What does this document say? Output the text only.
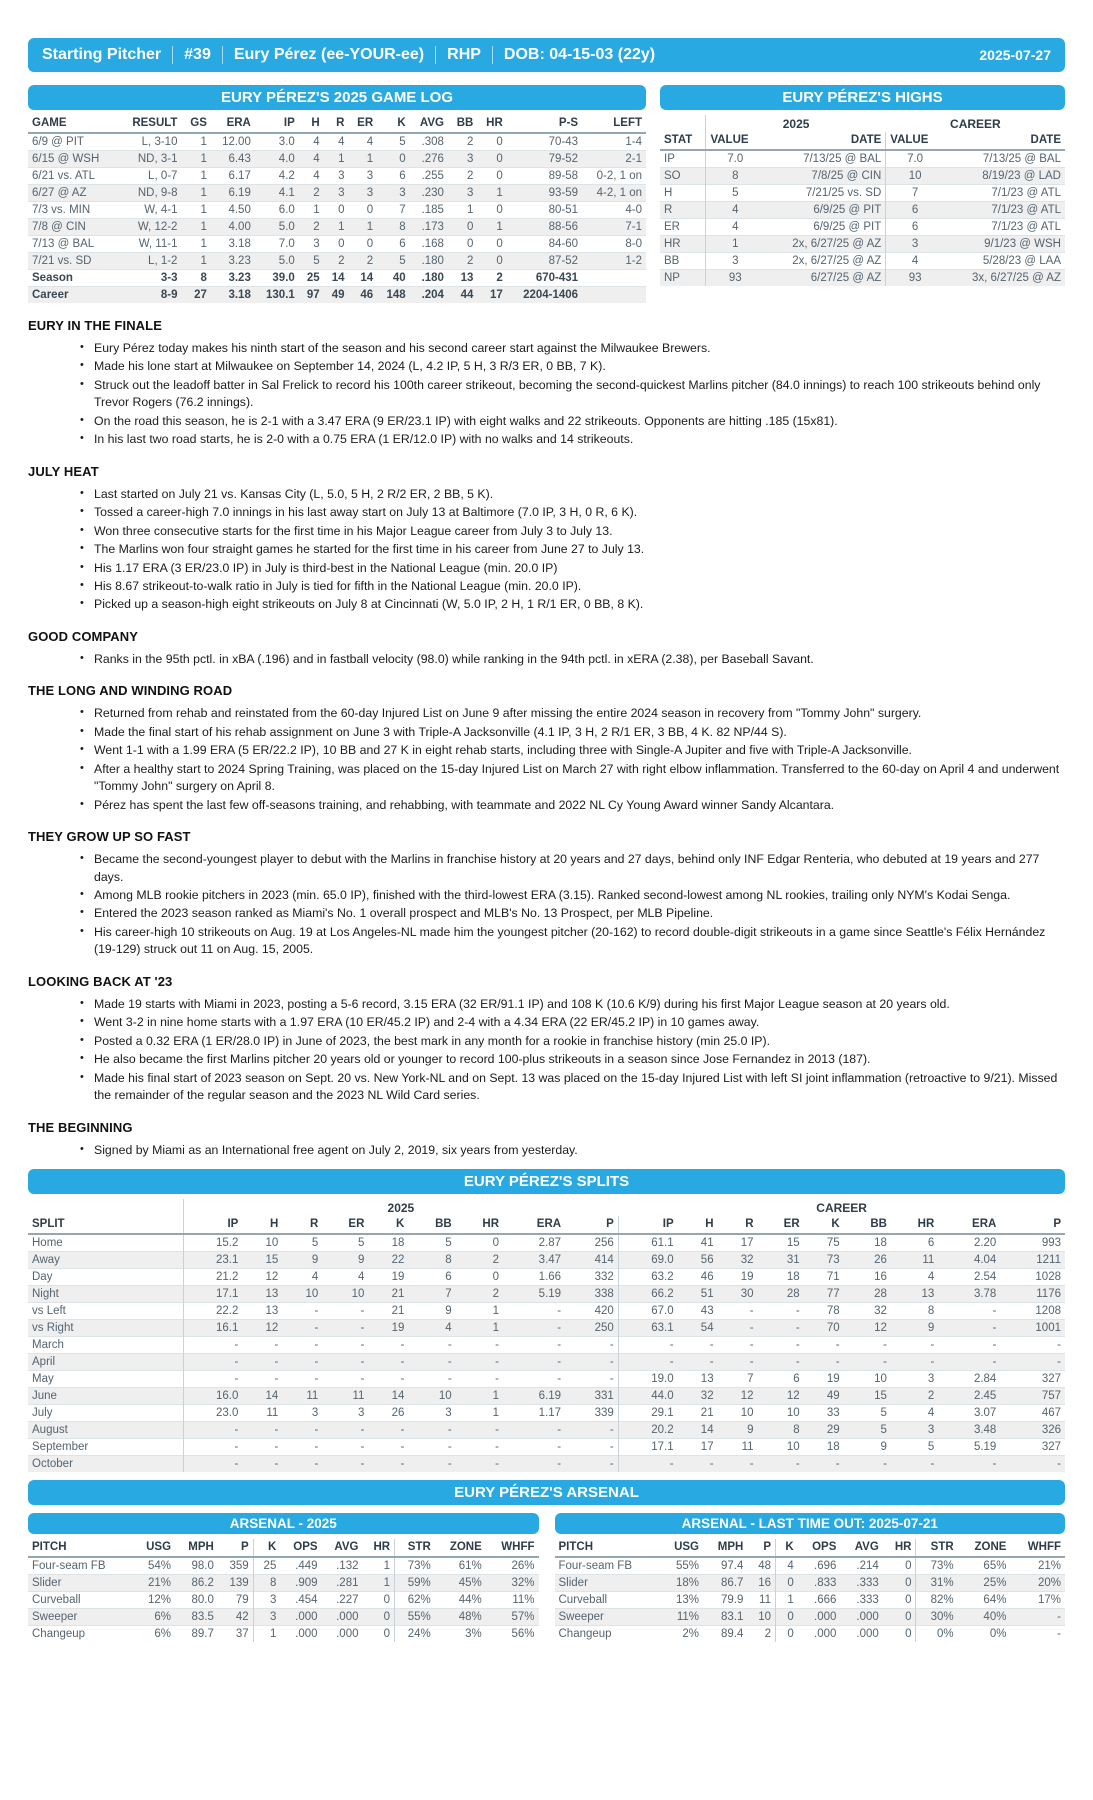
Starting Pitcher #39 Eury Pérez (ee-YOUR-ee) RHP DOB: 04-15-03 (22y)	2025-07-27
EURY PÉREZ'S 2025 GAME LOG
GAME	RESULT	GS	ERA	IP	H	R	ER	K	AVG	BB	HR	P-S	LEFT
6/9 @ PIT	L, 3-10	1	12.00	3.0	4	4	4	5	.308	2	0	70-43	1-4
6/15 @ WSH	ND, 3-1	1	6.43	4.0	4	1	1	0	.276	3	0	79-52	2-1
6/21 vs. ATL	L, 0-7	1	6.17	4.2	4	3	3	6	.255	2	0	89-58	0-2, 1 on
6/27 @ AZ	ND, 9-8	1	6.19	4.1	2	3	3	3	.230	3	1	93-59	4-2, 1 on
7/3 vs. MIN	W, 4-1	1	4.50	6.0	1	0	0	7	.185	1	0	80-51	4-0
7/8 @ CIN	W, 12-2	1	4.00	5.0	2	1	1	8	.173	0	1	88-56	7-1
7/13 @ BAL	W, 11-1	1	3.18	7.0	3	0	0	6	.168	0	0	84-60	8-0
7/21 vs. SD	L, 1-2	1	3.23	5.0	5	2	2	5	.180	2	0	87-52	1-2
Season	3-3	8	3.23	39.0	25	14	14	40	.180	13	2	670-431	
Career	8-9	27	3.18	130.1	97	49	46	148	.204	44	17	2204-1406	
EURY PÉREZ'S HIGHS
	2025		CAREER	
STAT	VALUE	DATE	VALUE	DATE
IP	7.0	7/13/25 @ BAL	7.0	7/13/25 @ BAL
SO	8	7/8/25 @ CIN	10	8/19/23 @ LAD
H	5	7/21/25 vs. SD	7	7/1/23 @ ATL
R	4	6/9/25 @ PIT	6	7/1/23 @ ATL
ER	4	6/9/25 @ PIT	6	7/1/23 @ ATL
HR	1	2x, 6/27/25 @ AZ	3	9/1/23 @ WSH
BB	3	2x, 6/27/25 @ AZ	4	5/28/23 @ LAA
NP	93	6/27/25 @ AZ	93	3x, 6/27/25 @ AZ
EURY IN THE FINALE
• Eury Pérez today makes his ninth start of the season and his second career start against the Milwaukee Brewers.
• Made his lone start at Milwaukee on September 14, 2024 (L, 4.2 IP, 5 H, 3 R/3 ER, 0 BB, 7 K).
• Struck out the leadoff batter in Sal Frelick to record his 100th career strikeout, becoming the second-quickest Marlins pitcher (84.0 innings) to reach 100 strikeouts behind only Trevor Rogers (76.2 innings).
• On the road this season, he is 2-1 with a 3.47 ERA (9 ER/23.1 IP) with eight walks and 22 strikeouts. Opponents are hitting .185 (15x81).
• In his last two road starts, he is 2-0 with a 0.75 ERA (1 ER/12.0 IP) with no walks and 14 strikeouts.
JULY HEAT
• Last started on July 21 vs. Kansas City (L, 5.0, 5 H, 2 R/2 ER, 2 BB, 5 K).
• Tossed a career-high 7.0 innings in his last away start on July 13 at Baltimore (7.0 IP, 3 H, 0 R, 6 K).
• Won three consecutive starts for the first time in his Major League career from July 3 to July 13.
• The Marlins won four straight games he started for the first time in his career from June 27 to July 13.
• His 1.17 ERA (3 ER/23.0 IP) in July is third-best in the National League (min. 20.0 IP)
• His 8.67 strikeout-to-walk ratio in July is tied for fifth in the National League (min. 20.0 IP).
• Picked up a season-high eight strikeouts on July 8 at Cincinnati (W, 5.0 IP, 2 H, 1 R/1 ER, 0 BB, 8 K).
GOOD COMPANY
• Ranks in the 95th pctl. in xBA (.196) and in fastball velocity (98.0) while ranking in the 94th pctl. in xERA (2.38), per Baseball Savant.
THE LONG AND WINDING ROAD
• Returned from rehab and reinstated from the 60-day Injured List on June 9 after missing the entire 2024 season in recovery from "Tommy John" surgery.
• Made the final start of his rehab assignment on June 3 with Triple-A Jacksonville (4.1 IP, 3 H, 2 R/1 ER, 3 BB, 4 K. 82 NP/44 S).
• Went 1-1 with a 1.99 ERA (5 ER/22.2 IP), 10 BB and 27 K in eight rehab starts, including three with Single-A Jupiter and five with Triple-A Jacksonville.
• After a healthy start to 2024 Spring Training, was placed on the 15-day Injured List on March 27 with right elbow inflammation. Transferred to the 60-day on April 4 and underwent "Tommy John" surgery on April 8.
• Pérez has spent the last few off-seasons training, and rehabbing, with teammate and 2022 NL Cy Young Award winner Sandy Alcantara.
THEY GROW UP SO FAST
• Became the second-youngest player to debut with the Marlins in franchise history at 20 years and 27 days, behind only INF Edgar Renteria, who debuted at 19 years and 277 days.
• Among MLB rookie pitchers in 2023 (min. 65.0 IP), finished with the third-lowest ERA (3.15). Ranked second-lowest among NL rookies, trailing only NYM's Kodai Senga.
• Entered the 2023 season ranked as Miami's No. 1 overall prospect and MLB's No. 13 Prospect, per MLB Pipeline.
• His career-high 10 strikeouts on Aug. 19 at Los Angeles-NL made him the youngest pitcher (20-162) to record double-digit strikeouts in a game since Seattle's Félix Hernández (19-129) struck out 11 on Aug. 15, 2005.
LOOKING BACK AT '23
• Made 19 starts with Miami in 2023, posting a 5-6 record, 3.15 ERA (32 ER/91.1 IP) and 108 K (10.6 K/9) during his first Major League season at 20 years old.
• Went 3-2 in nine home starts with a 1.97 ERA (10 ER/45.2 IP) and 2-4 with a 4.34 ERA (22 ER/45.2 IP) in 10 games away.
• Posted a 0.32 ERA (1 ER/28.0 IP) in June of 2023, the best mark in any month for a rookie in franchise history (min 25.0 IP).
• He also became the first Marlins pitcher 20 years old or younger to record 100-plus strikeouts in a season since Jose Fernandez in 2013 (187).
• Made his final start of 2023 season on Sept. 20 vs. New York-NL and on Sept. 13 was placed on the 15-day Injured List with left SI joint inflammation (retroactive to 9/21). Missed the remainder of the regular season and the 2023 NL Wild Card series.
THE BEGINNING
• Signed by Miami as an International free agent on July 2, 2019, six years from yesterday.
EURY PÉREZ'S SPLITS
	2025									CAREER								
SPLIT	IP	H	R	ER	K	BB	HR	ERA	P	IP	H	R	ER	K	BB	HR	ERA	P
Home	15.2	10	5	5	18	5	0	2.87	256	61.1	41	17	15	75	18	6	2.20	993
Away	23.1	15	9	9	22	8	2	3.47	414	69.0	56	32	31	73	26	11	4.04	1211
Day	21.2	12	4	4	19	6	0	1.66	332	63.2	46	19	18	71	16	4	2.54	1028
Night	17.1	13	10	10	21	7	2	5.19	338	66.2	51	30	28	77	28	13	3.78	1176
vs Left	22.2	13	-	-	21	9	1	-	420	67.0	43	-	-	78	32	8	-	1208
vs Right	16.1	12	-	-	19	4	1	-	250	63.1	54	-	-	70	12	9	-	1001
March	-	-	-	-	-	-	-	-	-	-	-	-	-	-	-	-	-	-
April	-	-	-	-	-	-	-	-	-	-	-	-	-	-	-	-	-	-
May	-	-	-	-	-	-	-	-	-	19.0	13	7	6	19	10	3	2.84	327
June	16.0	14	11	11	14	10	1	6.19	331	44.0	32	12	12	49	15	2	2.45	757
July	23.0	11	3	3	26	3	1	1.17	339	29.1	21	10	10	33	5	4	3.07	467
August	-	-	-	-	-	-	-	-	-	20.2	14	9	8	29	5	3	3.48	326
September	-	-	-	-	-	-	-	-	-	17.1	17	11	10	18	9	5	5.19	327
October	-	-	-	-	-	-	-	-	-	-	-	-	-	-	-	-	-	-
EURY PÉREZ'S ARSENAL
ARSENAL - 2025
PITCH	USG	MPH	P	K	OPS	AVG	HR	STR	ZONE	WHFF
Four-seam FB	54%	98.0	359	25	.449	.132	1	73%	61%	26%
Slider	21%	86.2	139	8	.909	.281	1	59%	45%	32%
Curveball	12%	80.0	79	3	.454	.227	0	62%	44%	11%
Sweeper	6%	83.5	42	3	.000	.000	0	55%	48%	57%
Changeup	6%	89.7	37	1	.000	.000	0	24%	3%	56%
ARSENAL - LAST TIME OUT: 2025-07-21
PITCH	USG	MPH	P	K	OPS	AVG	HR	STR	ZONE	WHFF
Four-seam FB	55%	97.4	48	4	.696	.214	0	73%	65%	21%
Slider	18%	86.7	16	0	.833	.333	0	31%	25%	20%
Curveball	13%	79.9	11	1	.666	.333	0	82%	64%	17%
Sweeper	11%	83.1	10	0	.000	.000	0	30%	40%	-
Changeup	2%	89.4	2	0	.000	.000	0	0%	0%	-
